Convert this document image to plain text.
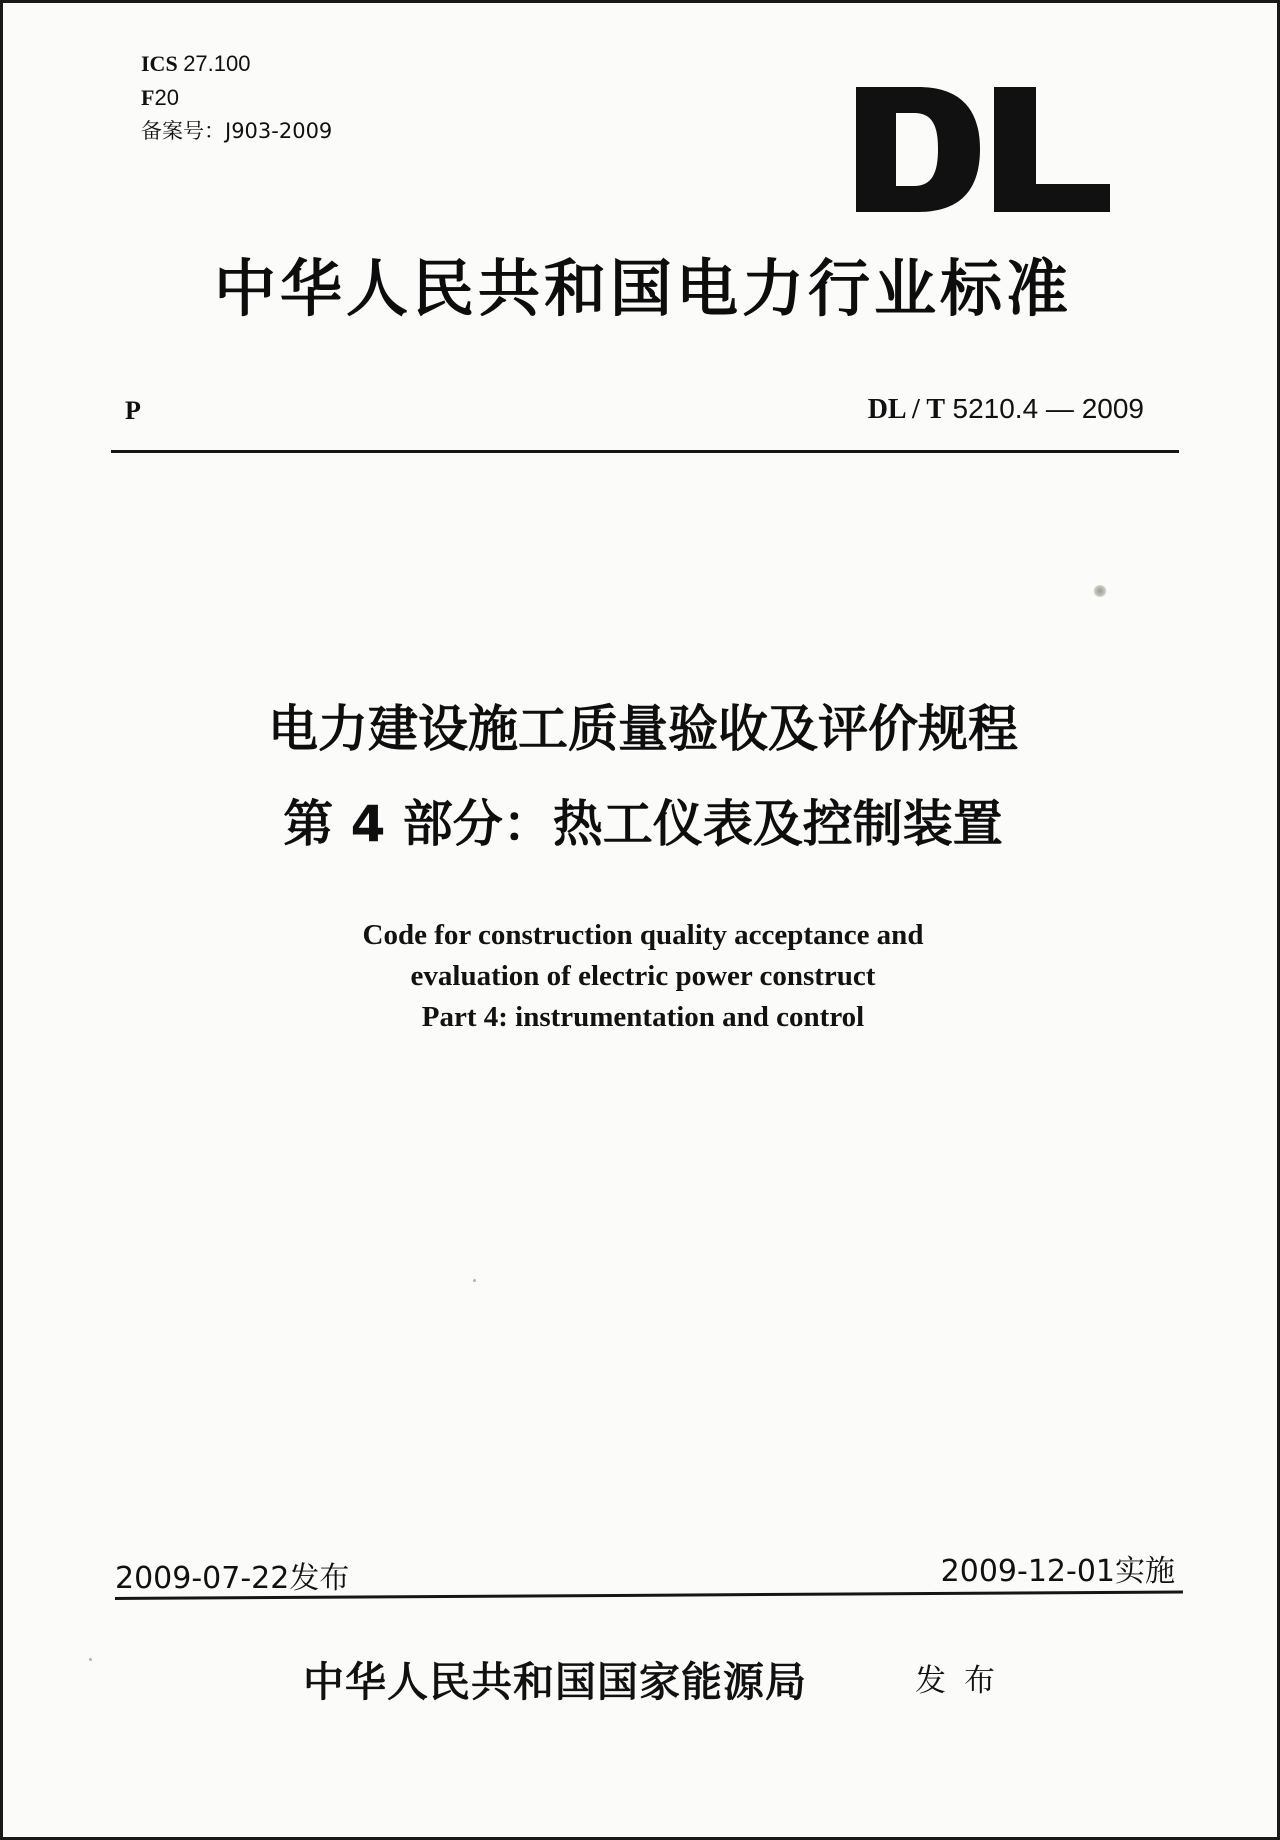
ICS 27.100
F20
备案号：J903-2009
中华人民共和国电力行业标准
P	DL / T 5210.4 — 2009
电力建设施工质量验收及评价规程
第 4 部分：热工仪表及控制装置
Code for construction quality acceptance and
evaluation of electric power construct
Part 4: instrumentation and control
2009-07-22发布	2009-12-01实施
中华人民共和国国家能源局	发布
